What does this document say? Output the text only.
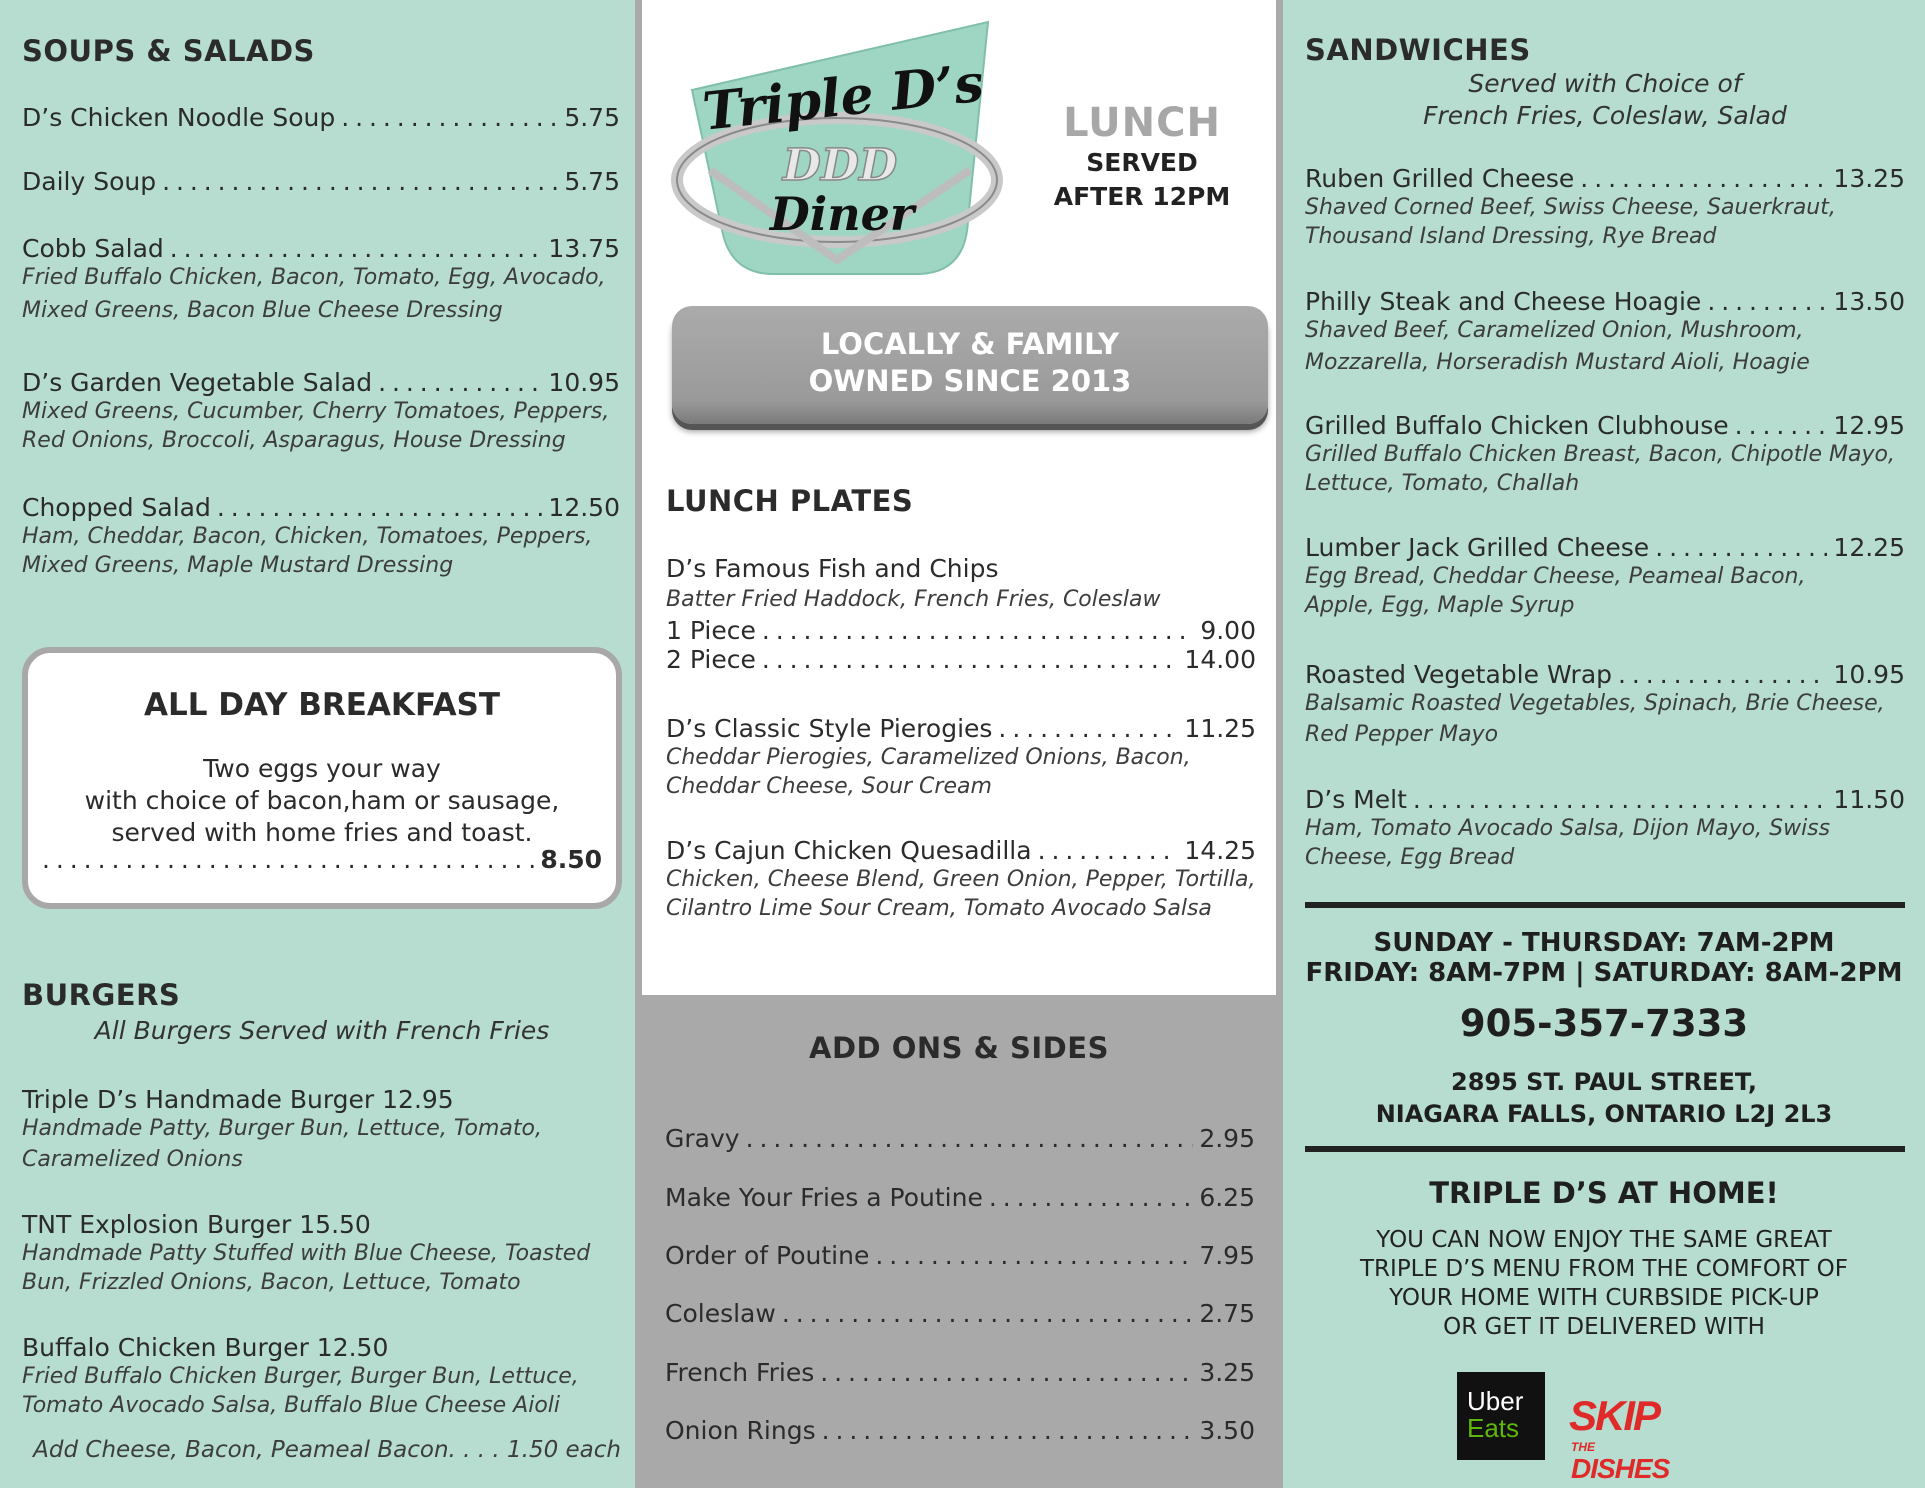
SOUPS & SALADS
D’s Chicken Noodle Soup . . .	5.75
Daily Soup . . .	5.75
Cobb Salad . . .	13.75
Fried Buffalo Chicken, Bacon, Tomato, Egg, Avocado,
Mixed Greens, Bacon Blue Cheese Dressing
D’s Garden Vegetable Salad . . .	10.95
Mixed Greens, Cucumber, Cherry Tomatoes, Peppers,
Red Onions, Broccoli, Asparagus, House Dressing
Chopped Salad . . .	12.50
Ham, Cheddar, Bacon, Chicken, Tomatoes, Peppers,
Mixed Greens, Maple Mustard Dressing
ALL DAY BREAKFAST
Two eggs your way
with choice of bacon,ham or sausage,
served with home fries and toast.
. . .
8.50
BURGERS
All Burgers Served with French Fries
Triple D’s Handmade Burger 12.95
Handmade Patty, Burger Bun, Lettuce, Tomato,
Caramelized Onions
TNT Explosion Burger 15.50
Handmade Patty Stuffed with Blue Cheese, Toasted
Bun, Frizzled Onions, Bacon, Lettuce, Tomato
Buffalo Chicken Burger 12.50
Fried Buffalo Chicken Burger, Burger Bun, Lettuce,
Tomato Avocado Salsa, Buffalo Blue Cheese Aioli
Add Cheese, Bacon, Peameal Bacon. . . . 1.50 each
Triple D’s
DDD
Diner
LUNCH
SERVED
AFTER 12PM
LOCALLY & FAMILY
OWNED SINCE 2013
LUNCH PLATES
D’s Famous Fish and Chips
Batter Fried Haddock, French Fries, Coleslaw
1 Piece . . .	9.00
2 Piece . . .	14.00
D’s Classic Style Pierogies . . .	11.25
Cheddar Pierogies, Caramelized Onions, Bacon,
Cheddar Cheese, Sour Cream
D’s Cajun Chicken Quesadilla . . .	14.25
Chicken, Cheese Blend, Green Onion, Pepper, Tortilla,
Cilantro Lime Sour Cream, Tomato Avocado Salsa
ADD ONS & SIDES
Gravy . . .	2.95
Make Your Fries a Poutine . . .	6.25
Order of Poutine . . .	7.95
Coleslaw . . .	2.75
French Fries . . .	3.25
Onion Rings . . .	3.50
SANDWICHES
Served with Choice of
French Fries, Coleslaw, Salad
Ruben Grilled Cheese . . .	13.25
Shaved Corned Beef, Swiss Cheese, Sauerkraut,
Thousand Island Dressing, Rye Bread
Philly Steak and Cheese Hoagie . . .	13.50
Shaved Beef, Caramelized Onion, Mushroom,
Mozzarella, Horseradish Mustard Aioli, Hoagie
Grilled Buffalo Chicken Clubhouse . . .	12.95
Grilled Buffalo Chicken Breast, Bacon, Chipotle Mayo,
Lettuce, Tomato, Challah
Lumber Jack Grilled Cheese . . .	12.25
Egg Bread, Cheddar Cheese, Peameal Bacon,
Apple, Egg, Maple Syrup
Roasted Vegetable Wrap . . .	10.95
Balsamic Roasted Vegetables, Spinach, Brie Cheese,
Red Pepper Mayo
D’s Melt . . .	11.50
Ham, Tomato Avocado Salsa, Dijon Mayo, Swiss
Cheese, Egg Bread
SUNDAY - THURSDAY: 7AM-2PM
FRIDAY: 8AM-7PM | SATURDAY: 8AM-2PM
905-357-7333
2895 ST. PAUL STREET,
NIAGARA FALLS, ONTARIO L2J 2L3
TRIPLE D’S AT HOME!
YOU CAN NOW ENJOY THE SAME GREAT
TRIPLE D’S MENU FROM THE COMFORT OF
YOUR HOME WITH CURBSIDE PICK-UP
OR GET IT DELIVERED WITH
Uber
Eats	SKIP
THE
DISHES
